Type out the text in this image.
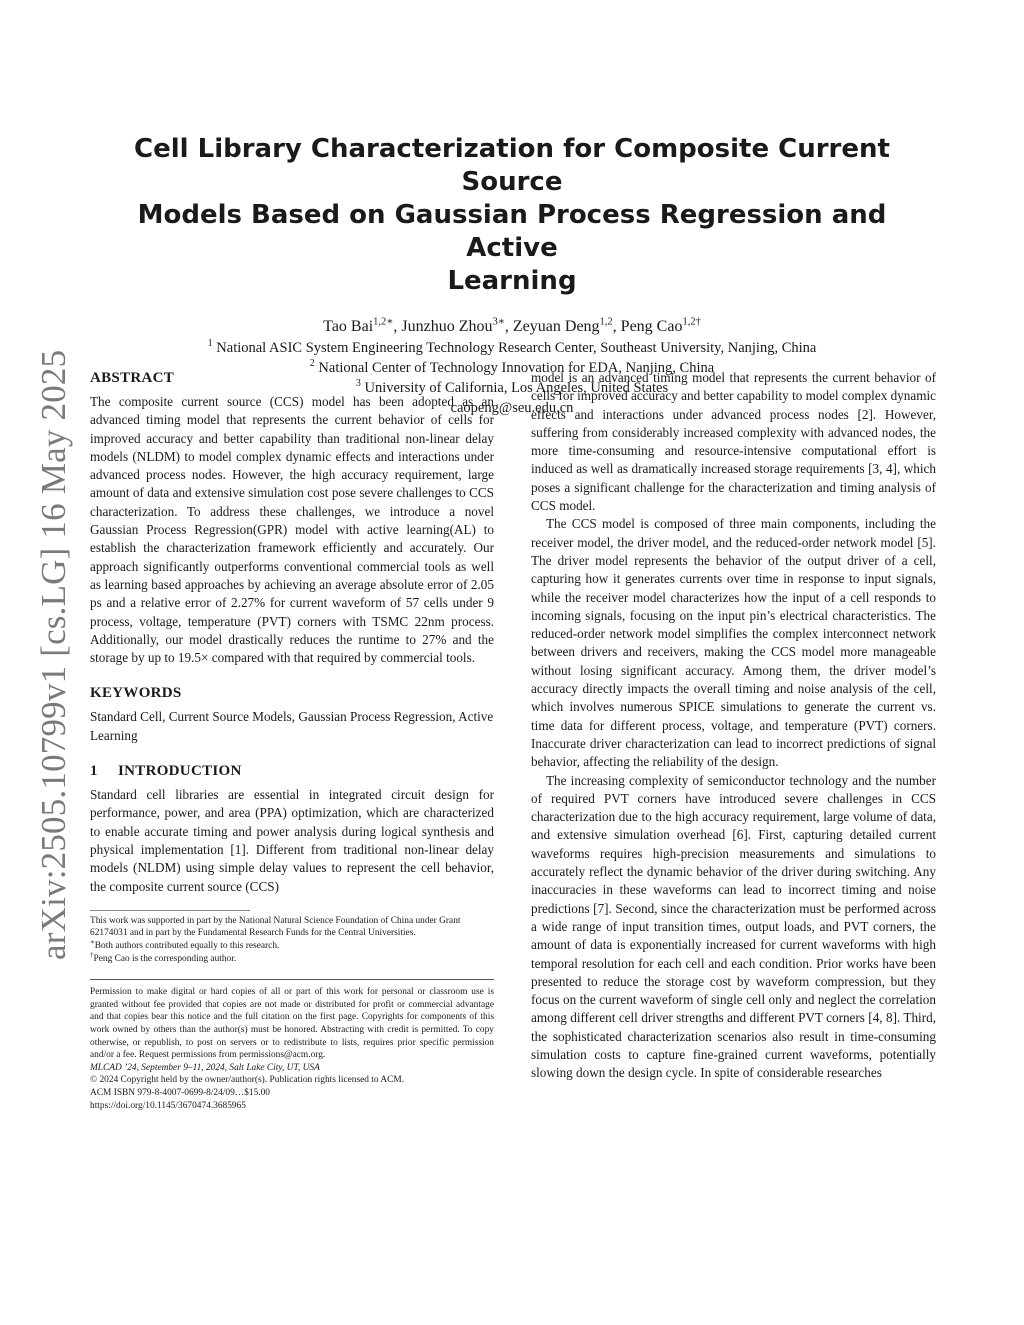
arXiv:2505.10799v1 [cs.LG] 16 May 2025
Cell Library Characterization for Composite Current Source
Models Based on Gaussian Process Regression and Active
Learning
Tao Bai$^{1,2∗}$, Junzhuo Zhou$^{3∗}$, Zeyuan Deng$^{1,2}$, Peng Cao$^{1,2\dagger}$
$^1$ National ASIC System Engineering Technology Research Center, Southeast University, Nanjing, China
$^2$ National Center of Technology Innovation for EDA, Nanjing, China
$^3$ University of California, Los Angeles, United States
caopeng@seu.edu.cn
ABSTRACT

The composite current source (CCS) model has been adopted as an advanced timing model that represents the current behavior of cells for improved accuracy and better capability than traditional non-linear delay models (NLDM) to model complex dynamic effects and interactions under advanced process nodes. However, the high accuracy requirement, large amount of data and extensive simulation cost pose severe challenges to CCS characterization. To address these challenges, we introduce a novel Gaussian Process Regression(GPR) model with active learning(AL) to establish the characterization framework efficiently and accurately. Our approach significantly outperforms conventional commercial tools as well as learning based approaches by achieving an average absolute error of 2.05 ps and a relative error of 2.27% for current waveform of 57 cells under 9 process, voltage, temperature (PVT) corners with TSMC 22nm process. Additionally, our model drastically reduces the runtime to 27% and the storage by up to 19.5× compared with that required by commercial tools.

KEYWORDS

Standard Cell, Current Source Models, Gaussian Process Regression, Active Learning

1 INTRODUCTION

Standard cell libraries are essential in integrated circuit design for performance, power, and area (PPA) optimization, which are characterized to enable accurate timing and power analysis during logical synthesis and physical implementation [1]. Different from traditional non-linear delay models (NLDM) using simple delay values to represent the cell behavior, the composite current source (CCS)

This work was supported in part by the National Natural Science Foundation of China under Grant 62174031 and in part by the Fundamental Research Funds for the Central Universities.
∗Both authors contributed equally to this research.
†Peng Cao is the corresponding author.

Permission to make digital or hard copies of all or part of this work for personal or classroom use is granted without fee provided that copies are not made or distributed for profit or commercial advantage and that copies bear this notice and the full citation on the first page. Copyrights for components of this work owned by others than the author(s) must be honored. Abstracting with credit is permitted. To copy otherwise, or republish, to post on servers or to redistribute to lists, requires prior specific permission and/or a fee. Request permissions from permissions@acm.org.

MLCAD ’24, September 9–11, 2024, Salt Lake City, UT, USA
© 2024 Copyright held by the owner/author(s). Publication rights licensed to ACM.
ACM ISBN 979-8-4007-0699-8/24/09…$15.00
https://doi.org/10.1145/3670474.3685965

model is an advanced timing model that represents the current behavior of cells for improved accuracy and better capability to model complex dynamic effects and interactions under advanced process nodes [2]. However, suffering from considerably increased complexity with advanced nodes, the more time-consuming and resource-intensive computational effort is induced as well as dramatically increased storage requirements [3, 4], which poses a significant challenge for the characterization and timing analysis of CCS model.

The CCS model is composed of three main components, including the receiver model, the driver model, and the reduced-order network model [5]. The driver model represents the behavior of the output driver of a cell, capturing how it generates currents over time in response to input signals, while the receiver model characterizes how the input of a cell responds to incoming signals, focusing on the input pin’s electrical characteristics. The reduced-order network model simplifies the complex interconnect network between drivers and receivers, making the CCS model more manageable without losing significant accuracy. Among them, the driver model’s accuracy directly impacts the overall timing and noise analysis of the cell, which involves numerous SPICE simulations to generate the current vs. time data for different process, voltage, and temperature (PVT) corners. Inaccurate driver characterization can lead to incorrect predictions of signal behavior, affecting the reliability of the design.

The increasing complexity of semiconductor technology and the number of required PVT corners have introduced severe challenges in CCS characterization due to the high accuracy requirement, large volume of data, and extensive simulation overhead [6]. First, capturing detailed current waveforms requires high-precision measurements and simulations to accurately reflect the dynamic behavior of the driver during switching. Any inaccuracies in these waveforms can lead to incorrect timing and noise predictions [7]. Second, since the characterization must be performed across a wide range of input transition times, output loads, and PVT corners, the amount of data is exponentially increased for current waveforms with high temporal resolution for each cell and each condition. Prior works have been presented to reduce the storage cost by waveform compression, but they focus on the current waveform of single cell only and neglect the correlation among different cell driver strengths and different PVT corners [4, 8]. Third, the sophisticated characterization scenarios also result in time-consuming simulation costs to capture fine-grained current waveforms, potentially slowing down the design cycle. In spite of considerable researches
